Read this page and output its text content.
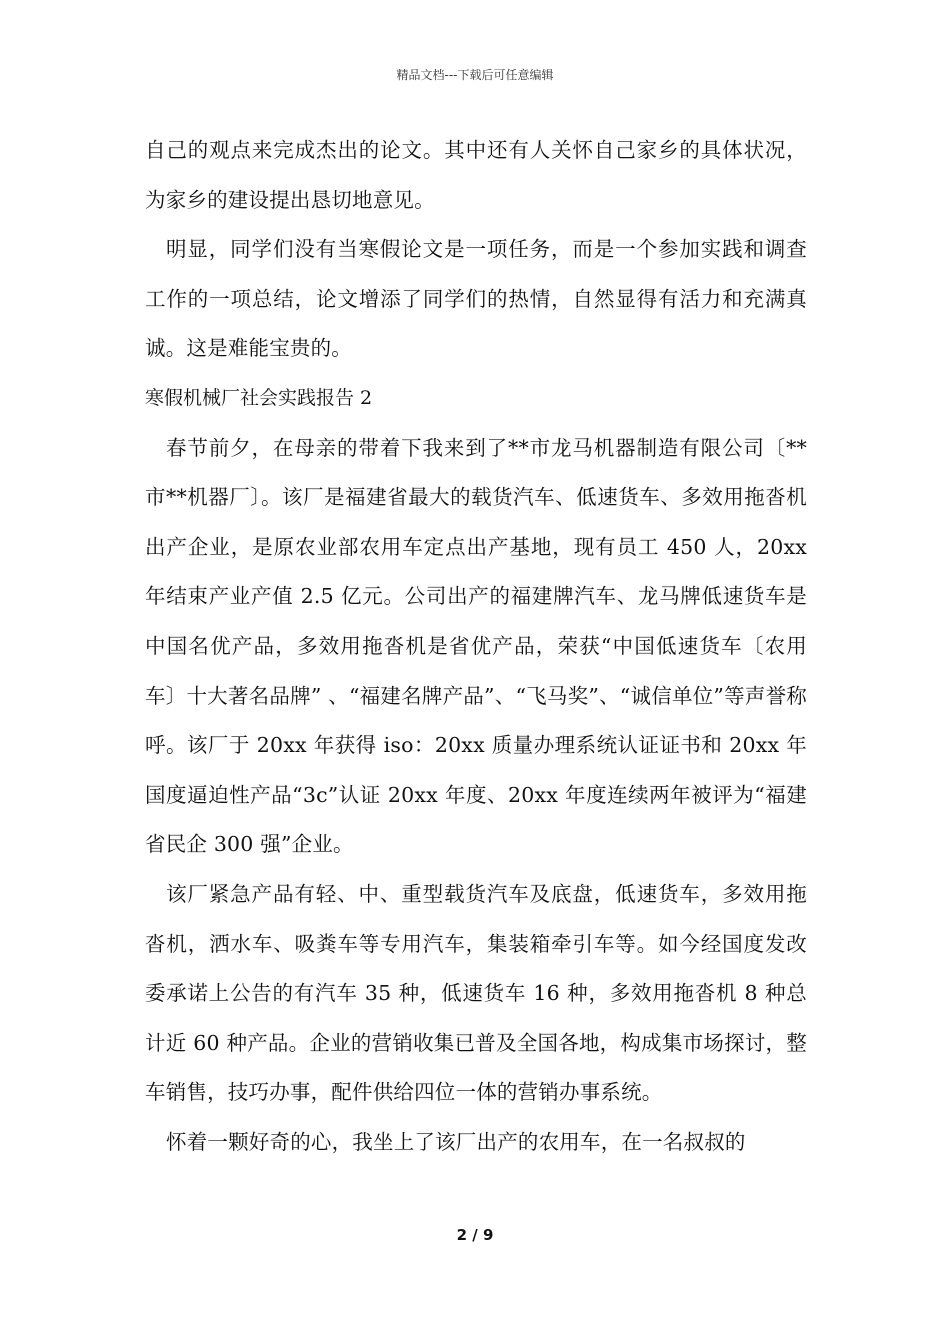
精品文档---下载后可任意编辑

自己的观点来完成杰出的论文。其中还有人关怀自己家乡的具体状况，为家乡的建设提出恳切地意见。

明显，同学们没有当寒假论文是一项任务，而是一个参加实践和调查工作的一项总结，论文增添了同学们的热情，自然显得有活力和充满真诚。这是难能宝贵的。

寒假机械厂社会实践报告 2

春节前夕，在母亲的带着下我来到了**市龙马机器制造有限公司〔**市**机器厂〕。该厂是福建省最大的载货汽车、低速货车、多效用拖沓机出产企业，是原农业部农用车定点出产基地，现有员工 450 人，20xx 年结束产业产值 2.5 亿元。公司出产的福建牌汽车、龙马牌低速货车是中国名优产品，多效用拖沓机是省优产品，荣获“中国低速货车〔农用车〕十大著名品牌” 、“福建名牌产品”、“飞马奖”、“诚信单位”等声誉称呼。该厂于 20xx 年获得 iso：20xx 质量办理系统认证证书和 20xx 年国度逼迫性产品“3c”认证 20xx 年度、20xx 年度连续两年被评为“福建省民企 300 强”企业。

该厂紧急产品有轻、中、重型载货汽车及底盘，低速货车，多效用拖沓机，洒水车、吸粪车等专用汽车，集装箱牵引车等。如今经国度发改委承诺上公告的有汽车 35 种，低速货车 16 种，多效用拖沓机 8 种总计近 60 种产品。企业的营销收集已普及全国各地，构成集市场探讨，整车销售，技巧办事，配件供给四位一体的营销办事系统。

怀着一颗好奇的心，我坐上了该厂出产的农用车，在一名叔叔的

2 / 9
